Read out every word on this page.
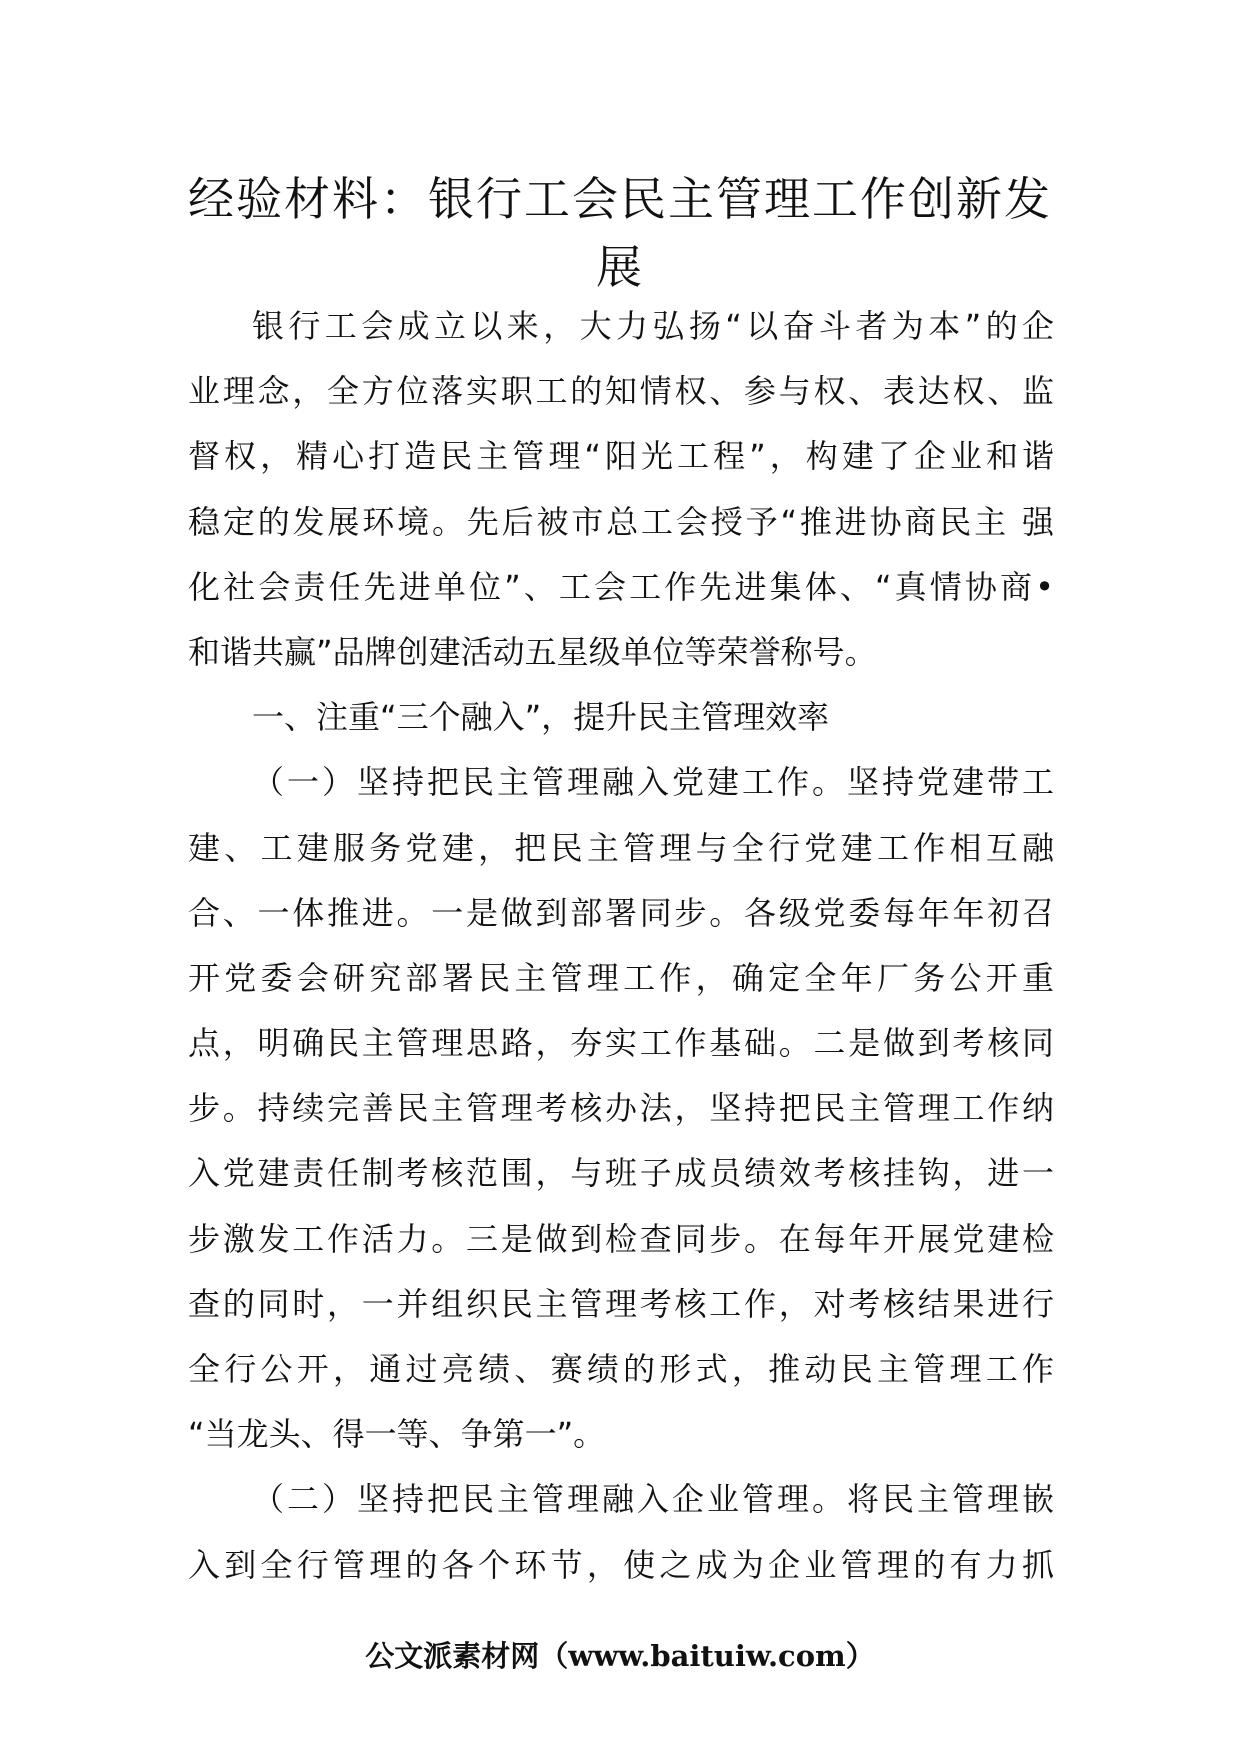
经验材料：银行工会民主管理工作创新发
展
银行工会成立以来，大力弘扬“以奋斗者为本”的企
业理念，全方位落实职工的知情权、参与权、表达权、监
督权，精心打造民主管理“阳光工程”，构建了企业和谐
稳定的发展环境。先后被市总工会授予“推进协商民主 强
化社会责任先进单位”、工会工作先进集体、“真情协商•
和谐共赢”品牌创建活动五星级单位等荣誉称号。
一、注重“三个融入”，提升民主管理效率
（一）坚持把民主管理融入党建工作。坚持党建带工
建、工建服务党建，把民主管理与全行党建工作相互融
合、一体推进。一是做到部署同步。各级党委每年年初召
开党委会研究部署民主管理工作，确定全年厂务公开重
点，明确民主管理思路，夯实工作基础。二是做到考核同
步。持续完善民主管理考核办法，坚持把民主管理工作纳
入党建责任制考核范围，与班子成员绩效考核挂钩，进一
步激发工作活力。三是做到检查同步。在每年开展党建检
查的同时，一并组织民主管理考核工作，对考核结果进行
全行公开，通过亮绩、赛绩的形式，推动民主管理工作
“当龙头、得一等、争第一”。
（二）坚持把民主管理融入企业管理。将民主管理嵌
入到全行管理的各个环节，使之成为企业管理的有力抓
公文派素材网（www.baituiw.com）
